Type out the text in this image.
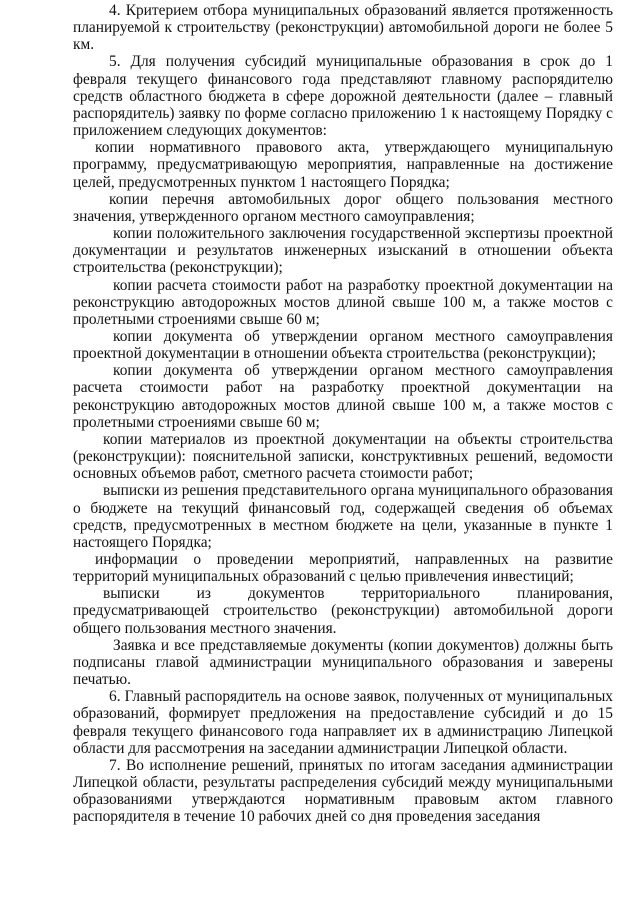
4. Критерием отбора муниципальных образований является протяженность планируемой к строительству (реконструкции) автомобильной дороги не более 5 км.

5. Для получения субсидий муниципальные образования в срок до 1 февраля текущего финансового года представляют главному распорядителю средств областного бюджета в сфере дорожной деятельности (далее – главный распорядитель) заявку по форме согласно приложению 1 к настоящему Порядку с приложением следующих документов:

копии нормативного правового акта, утверждающего муниципальную программу, предусматривающую мероприятия, направленные на достижение целей, предусмотренных пунктом 1 настоящего Порядка;

копии перечня автомобильных дорог общего пользования местного значения, утвержденного органом местного самоуправления;

копии положительного заключения государственной экспертизы проектной документации и результатов инженерных изысканий в отношении объекта строительства (реконструкции);

копии расчета стоимости работ на разработку проектной документации на реконструкцию автодорожных мостов длиной свыше 100 м, а также мостов с пролетными строениями свыше 60 м;

копии документа об утверждении органом местного самоуправления проектной документации в отношении объекта строительства (реконструкции);

копии документа об утверждении органом местного самоуправления расчета стоимости работ на разработку проектной документации на реконструкцию автодорожных мостов длиной свыше 100 м, а также мостов с пролетными строениями свыше 60 м;

копии материалов из проектной документации на объекты строительства (реконструкции): пояснительной записки, конструктивных решений, ведомости основных объемов работ, сметного расчета стоимости работ;

выписки из решения представительного органа муниципального образования о бюджете на текущий финансовый год, содержащей сведения об объемах средств, предусмотренных в местном бюджете на цели, указанные в пункте 1 настоящего Порядка;

информации о проведении мероприятий, направленных на развитие территорий муниципальных образований с целью привлечения инвестиций;

выписки из документов территориального планирования, предусматривающей строительство (реконструкции) автомобильной дороги общего пользования местного значения.

Заявка и все представляемые документы (копии документов) должны быть подписаны главой администрации муниципального образования и заверены печатью.

6. Главный распорядитель на основе заявок, полученных от муниципальных образований, формирует предложения на предоставление субсидий и до 15 февраля текущего финансового года направляет их в администрацию Липецкой области для рассмотрения на заседании администрации Липецкой области.

7. Во исполнение решений, принятых по итогам заседания администрации Липецкой области, результаты распределения субсидий между муниципальными образованиями утверждаются нормативным правовым актом главного распорядителя в течение 10 рабочих дней со дня проведения заседания
